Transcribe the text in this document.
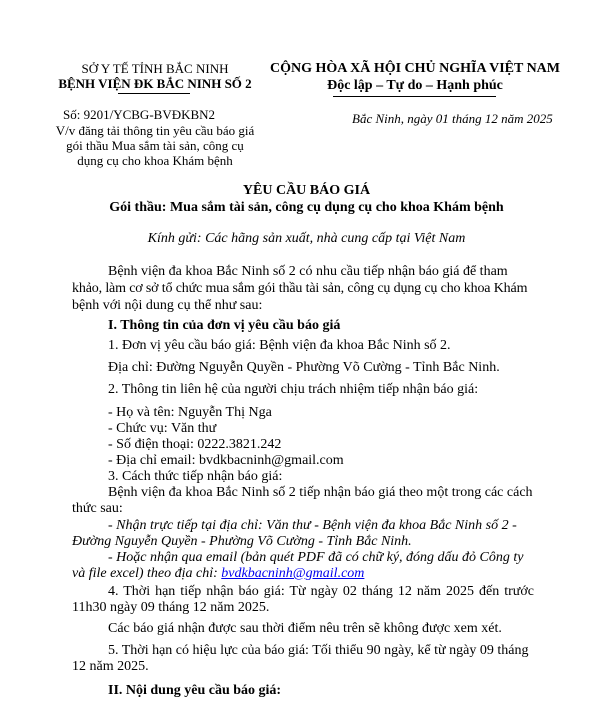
SỞ Y TẾ TỈNH BẮC NINH
BỆNH VIỆN ĐK BẮC NINH SỐ 2
CỘNG HÒA XÃ HỘI CHỦ NGHĨA VIỆT NAM
Độc lập – Tự do – Hạnh phúc
Số: 9201/YCBG-BVĐKBN2
V/v đăng tải thông tin yêu cầu báo giá
gói thầu Mua sắm tài sản, công cụ
dụng cụ cho khoa Khám bệnh
Bắc Ninh, ngày 01 tháng 12 năm 2025
YÊU CẦU BÁO GIÁ
Gói thầu: Mua sắm tài sản, công cụ dụng cụ cho khoa Khám bệnh
Kính gửi: Các hãng sản xuất, nhà cung cấp tại Việt Nam
Bệnh viện đa khoa Bắc Ninh số 2 có nhu cầu tiếp nhận báo giá để tham
khảo, làm cơ sở tổ chức mua sắm gói thầu tài sản, công cụ dụng cụ cho khoa Khám
bệnh với nội dung cụ thể như sau:
I. Thông tin của đơn vị yêu cầu báo giá
1. Đơn vị yêu cầu báo giá: Bệnh viện đa khoa Bắc Ninh số 2.
Địa chỉ: Đường Nguyễn Quyền - Phường Võ Cường - Tỉnh Bắc Ninh.
2. Thông tin liên hệ của người chịu trách nhiệm tiếp nhận báo giá:
- Họ và tên: Nguyễn Thị Nga
- Chức vụ: Văn thư
- Số điện thoại: 0222.3821.242
- Địa chỉ email: bvdkbacninh@gmail.com
3. Cách thức tiếp nhận báo giá:
Bệnh viện đa khoa Bắc Ninh số 2 tiếp nhận báo giá theo một trong các cách
thức sau:
- Nhận trực tiếp tại địa chỉ: Văn thư - Bệnh viện đa khoa Bắc Ninh số 2 -
Đường Nguyễn Quyền - Phường Võ Cường - Tỉnh Bắc Ninh.
- Hoặc nhận qua email (bản quét PDF đã có chữ ký, đóng dấu đỏ Công ty
và file excel) theo địa chỉ: bvdkbacninh@gmail.com
4. Thời hạn tiếp nhận báo giá: Từ ngày 02 tháng 12 năm 2025 đến trước
11h30 ngày 09 tháng 12 năm 2025.
Các báo giá nhận được sau thời điểm nêu trên sẽ không được xem xét.
5. Thời hạn có hiệu lực của báo giá: Tối thiểu 90 ngày, kể từ ngày 09 tháng
12 năm 2025.
II. Nội dung yêu cầu báo giá:
